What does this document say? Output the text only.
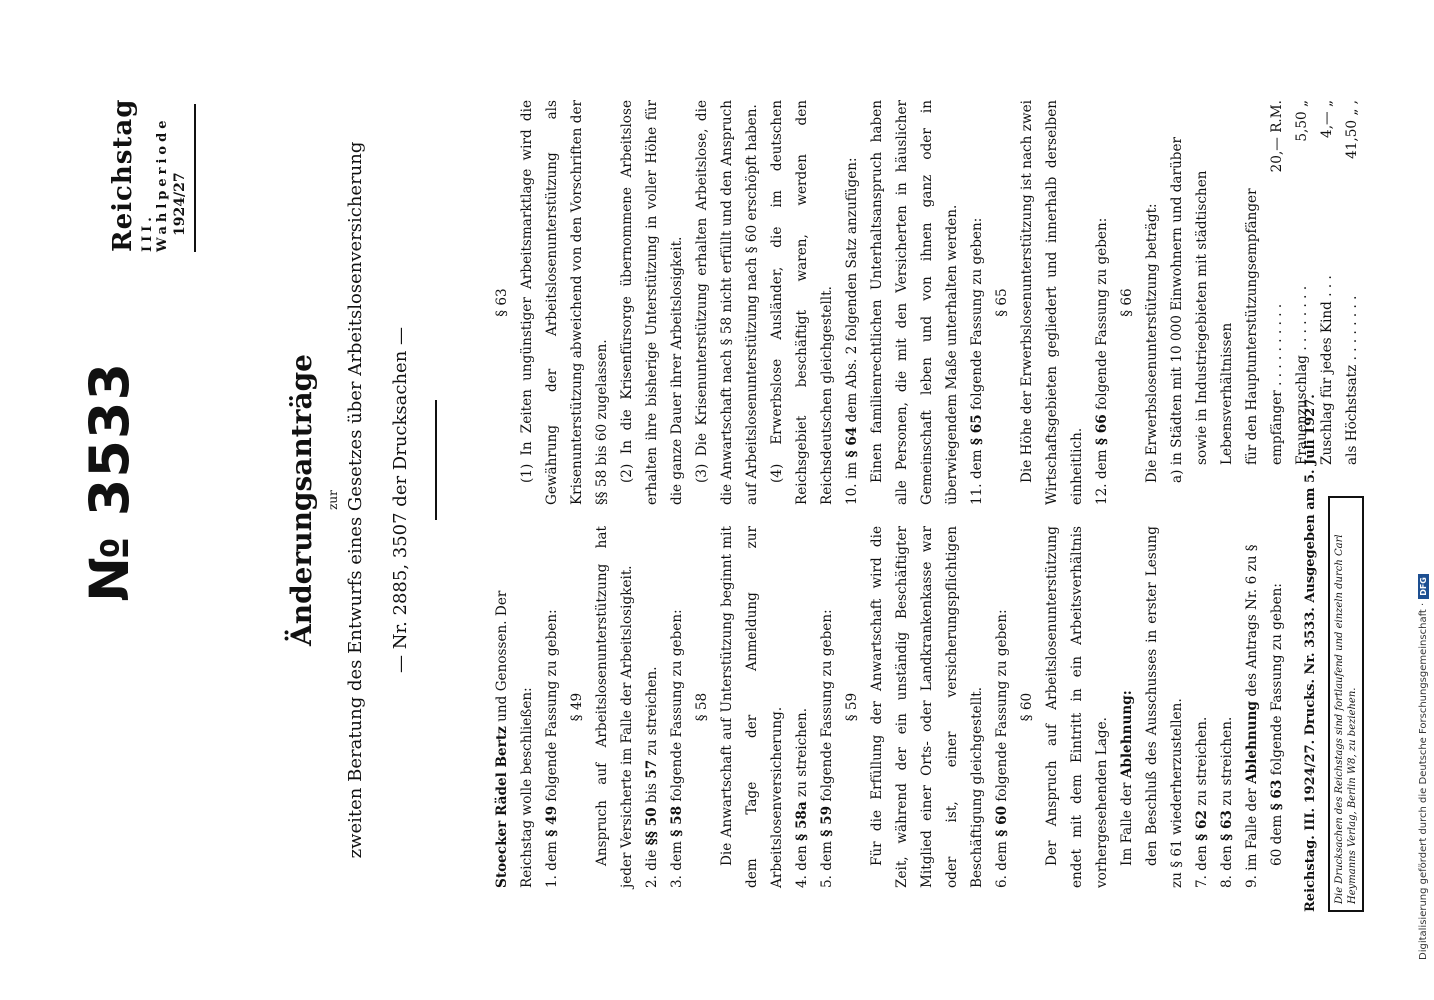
№ 3533
Reichstag III. Wahlperiode 1924/27
Änderungsanträge zur zweiten Beratung des Entwurfs eines Gesetzes über Arbeitslosenversicherung — Nr. 2885, 3507 der Drucksachen —

Stoecker Rädel Bertz und Genossen. Der Reichstag wolle beschließen: 1. dem § 49 folgende Fassung zu geben: § 49 Anspruch auf Arbeitslosenunterstützung hat jeder Versicherte im Falle der Arbeitslosigkeit. 2. die §§ 50 bis 57 zu streichen.

3. dem § 58 folgende Fassung zu geben: § 58 Die Anwartschaft auf Unterstützung beginnt mit dem Tage der Anmeldung zur Arbeitslosenversicherung. 4. den § 58a zu streichen.

5. dem § 59 folgende Fassung zu geben: § 59 Für die Erfüllung der Anwartschaft wird die Zeit, während der ein unständig Beschäftigter Mitglied einer Orts- oder Landkrankenkasse war oder ist, einer versicherungspflichtigen Beschäftigung gleichgestellt. 6. dem § 60 folgende Fassung zu geben: § 60 Der Anspruch auf Arbeitslosenunterstützung endet mit dem Eintritt in ein Arbeitsverhältnis vorhergesehenden Lage. Im Falle der Ablehnung: den Beschluß des Ausschusses in erster Lesung zu § 61 wiederherzustellen. 7. den § 62 zu streichen.

8. den § 63 zu streichen.

9. im Falle der Ablehnung des Antrags Nr. 6 zu § 60 dem § 63 folgende Fassung zu geben:

§ 63 (1) In Zeiten ungünstiger Arbeitsmarktlage wird die Gewährung der Arbeitslosenunterstützung als Krisenunterstützung abweichend von den Vorschriften der §§ 58 bis 60 zugelassen. (2) In die Krisenfürsorge übernommene Arbeitslose erhalten ihre bisherige Unterstützung in voller Höhe für die ganze Dauer ihrer Arbeitslosigkeit. (3) Die Krisenunterstützung erhalten Arbeitslose, die die Anwartschaft nach § 58 nicht erfüllt und den Anspruch auf Arbeitslosenunterstützung nach § 60 erschöpft haben. (4) Erwerbslose Ausländer, die im deutschen Reichsgebiet beschäftigt waren, werden den Reichsdeutschen gleichgestellt. 10. im § 64 dem Abs. 2 folgenden Satz anzufügen: Einen familienrechtlichen Unterhaltsanspruch haben alle Personen, die mit den Versicherten in häuslicher Gemeinschaft leben und von ihnen ganz oder in überwiegendem Maße unterhalten werden. 11. dem § 65 folgende Fassung zu geben: § 65 Die Höhe der Erwerbslosenunterstützung ist nach zwei Wirtschaftsgebieten gegliedert und innerhalb derselben einheitlich. 12. dem § 66 folgende Fassung zu geben: § 66 Die Erwerbslosenunterstützung beträgt: a) in Städten mit 10 000 Einwohnern und darüber sowie in Industriegebieten mit städtischen Lebensverhältnissen für den Hauptunterstützungsempfänger empfänger . . . . . . . . . .
20,— R.M.
Frauenzuschlag . . . . . . . .
5,50 „
Zuschlag für jedes Kind . . .
4,— „
als Höchstsatz . . . . . . . .
41,50 „ ,
Reichstag. III. 1924/27. Drucks. Nr. 3533. Ausgegeben am 5. Juli 1927.	Die Drucksachen des Reichstags sind fortlaufend und einzeln durch Carl Heymanns Verlag, Berlin W8, zu beziehen.	Digitalisierung gefördert durch die Deutsche Forschungsgemeinschaft ·
DFG
